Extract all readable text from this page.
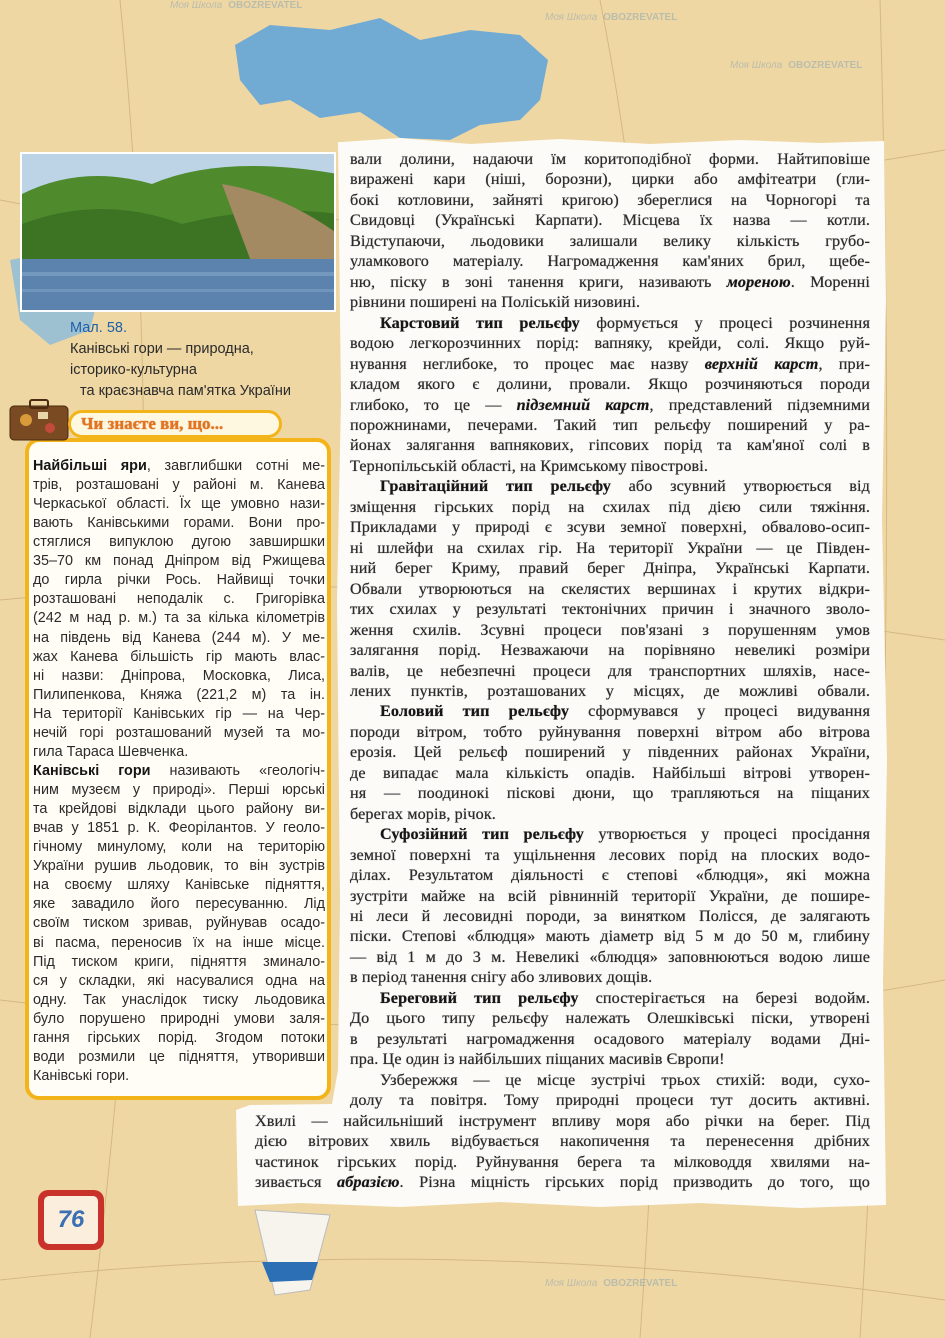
Моя Школа OBOZREVATEL
Моя Школа OBOZREVATEL
Моя Школа OBOZREVATEL
Моя Школа OBOZREVATEL
Мал. 58.
Канівські гори — природна,
історико-культурна
та краєзнавча пам'ятка України
Чи знаєте ви, що...
Найбільші яри, завглибшки сотні ме-
трів, розташовані у районі м. Канева
Черкаської області. Їх ще умовно нази-
вають Канівськими горами. Вони про-
стяглися випуклою дугою завширшки
35–70 км понад Дніпром від Ржищева
до гирла річки Рось. Найвищі точки
розташовані неподалік с. Григорівка
(242 м над р. м.) та за кілька кілометрів
на південь від Канева (244 м). У ме-
жах Канева більшість гір мають влас-
ні назви: Дніпрова, Московка, Лиса,
Пилипенкова, Княжа (221,2 м) та ін.
На території Канівських гір — на Чер-
нечій горі розташований музей та мо-
гила Тараса Шевченка.
Канівські гори називають «геологіч-
ним музеєм у природі». Перші юрські
та крейдові відклади цього району ви-
вчав у 1851 р. К. Феорілантов. У геоло-
гічному минулому, коли на територію
України рушив льодовик, то він зустрів
на своєму шляху Канівське підняття,
яке завадило його пересуванню. Лід
своїм тиском зривав, руйнував осадо-
ві пасма, переносив їх на інше місце.
Під тиском криги, підняття зминало-
ся у складки, які насувалися одна на
одну. Так унаслідок тиску льодовика
було порушено природні умови заля-
гання гірських порід. Згодом потоки
води розмили це підняття, утворивши
Канівські гори.
вали долини, надаючи їм коритоподібної форми. Найтиповіше
виражені кари (ніші, борозни), цирки або амфітеатри (гли-
бокі котловини, зайняті кригою) збереглися на Чорногорі та
Свидовці (Українські Карпати). Місцева їх назва — котли.
Відступаючи, льодовики залишали велику кількість грубо-
уламкового матеріалу. Нагромадження кам'яних брил, щебе-
ню, піску в зоні танення криги, називають мореною. Моренні
рівнини поширені на Поліській низовині.
Карстовий тип рельєфу формується у процесі розчинення
водою легкорозчинних порід: вапняку, крейди, солі. Якщо руй-
нування неглибоке, то процес має назву верхній карст, при-
кладом якого є долини, провали. Якщо розчиняються породи
глибоко, то це — підземний карст, представлений підземними
порожнинами, печерами. Такий тип рельєфу поширений у ра-
йонах залягання вапнякових, гіпсових порід та кам'яної солі в
Тернопільській області, на Кримському півострові.
Гравітаційний тип рельєфу або зсувний утворюється від
зміщення гірських порід на схилах під дією сили тяжіння.
Прикладами у природі є зсуви земної поверхні, обвалово-осип-
ні шлейфи на схилах гір. На території України — це Півден-
ний берег Криму, правий берег Дніпра, Українські Карпати.
Обвали утворюються на скелястих вершинах і крутих відкри-
тих схилах у результаті тектонічних причин і значного зволо-
ження схилів. Зсувні процеси пов'язані з порушенням умов
залягання порід. Незважаючи на порівняно невеликі розміри
валів, це небезпечні процеси для транспортних шляхів, насе-
лених пунктів, розташованих у місцях, де можливі обвали.
Еоловий тип рельєфу сформувався у процесі видування
породи вітром, тобто руйнування поверхні вітром або вітрова
ерозія. Цей рельєф поширений у південних районах України,
де випадає мала кількість опадів. Найбільші вітрові утворен-
ня — поодинокі піскові дюни, що трапляються на піщаних
берегах морів, річок.
Суфозійний тип рельєфу утворюється у процесі просідання
земної поверхні та ущільнення лесових порід на плоских водо-
ділах. Результатом діяльності є степові «блюдця», які можна
зустріти майже на всій рівнинній території України, де пошире-
ні леси й лесовидні породи, за винятком Полісся, де залягають
піски. Степові «блюдця» мають діаметр від 5 м до 50 м, глибину
— від 1 м до 3 м. Невеликі «блюдця» заповнюються водою лише
в період танення снігу або зливових дощів.
Береговий тип рельєфу спостерігається на березі водойм.
До цього типу рельєфу належать Олешківські піски, утворені
в результаті нагромадження осадового матеріалу водами Дні-
пра. Це один із найбільших піщаних масивів Європи!
Узбережжя — це місце зустрічі трьох стихій: води, сухо-
долу та повітря. Тому природні процеси тут досить активні.
Хвилі — найсильніший інструмент впливу моря або річки на берег. Під
дією вітрових хвиль відбувається накопичення та перенесення дрібних
частинок гірських порід. Руйнування берега та мілководдя хвилями на-
зивається абразією. Різна міцність гірських порід призводить до того, що
76
